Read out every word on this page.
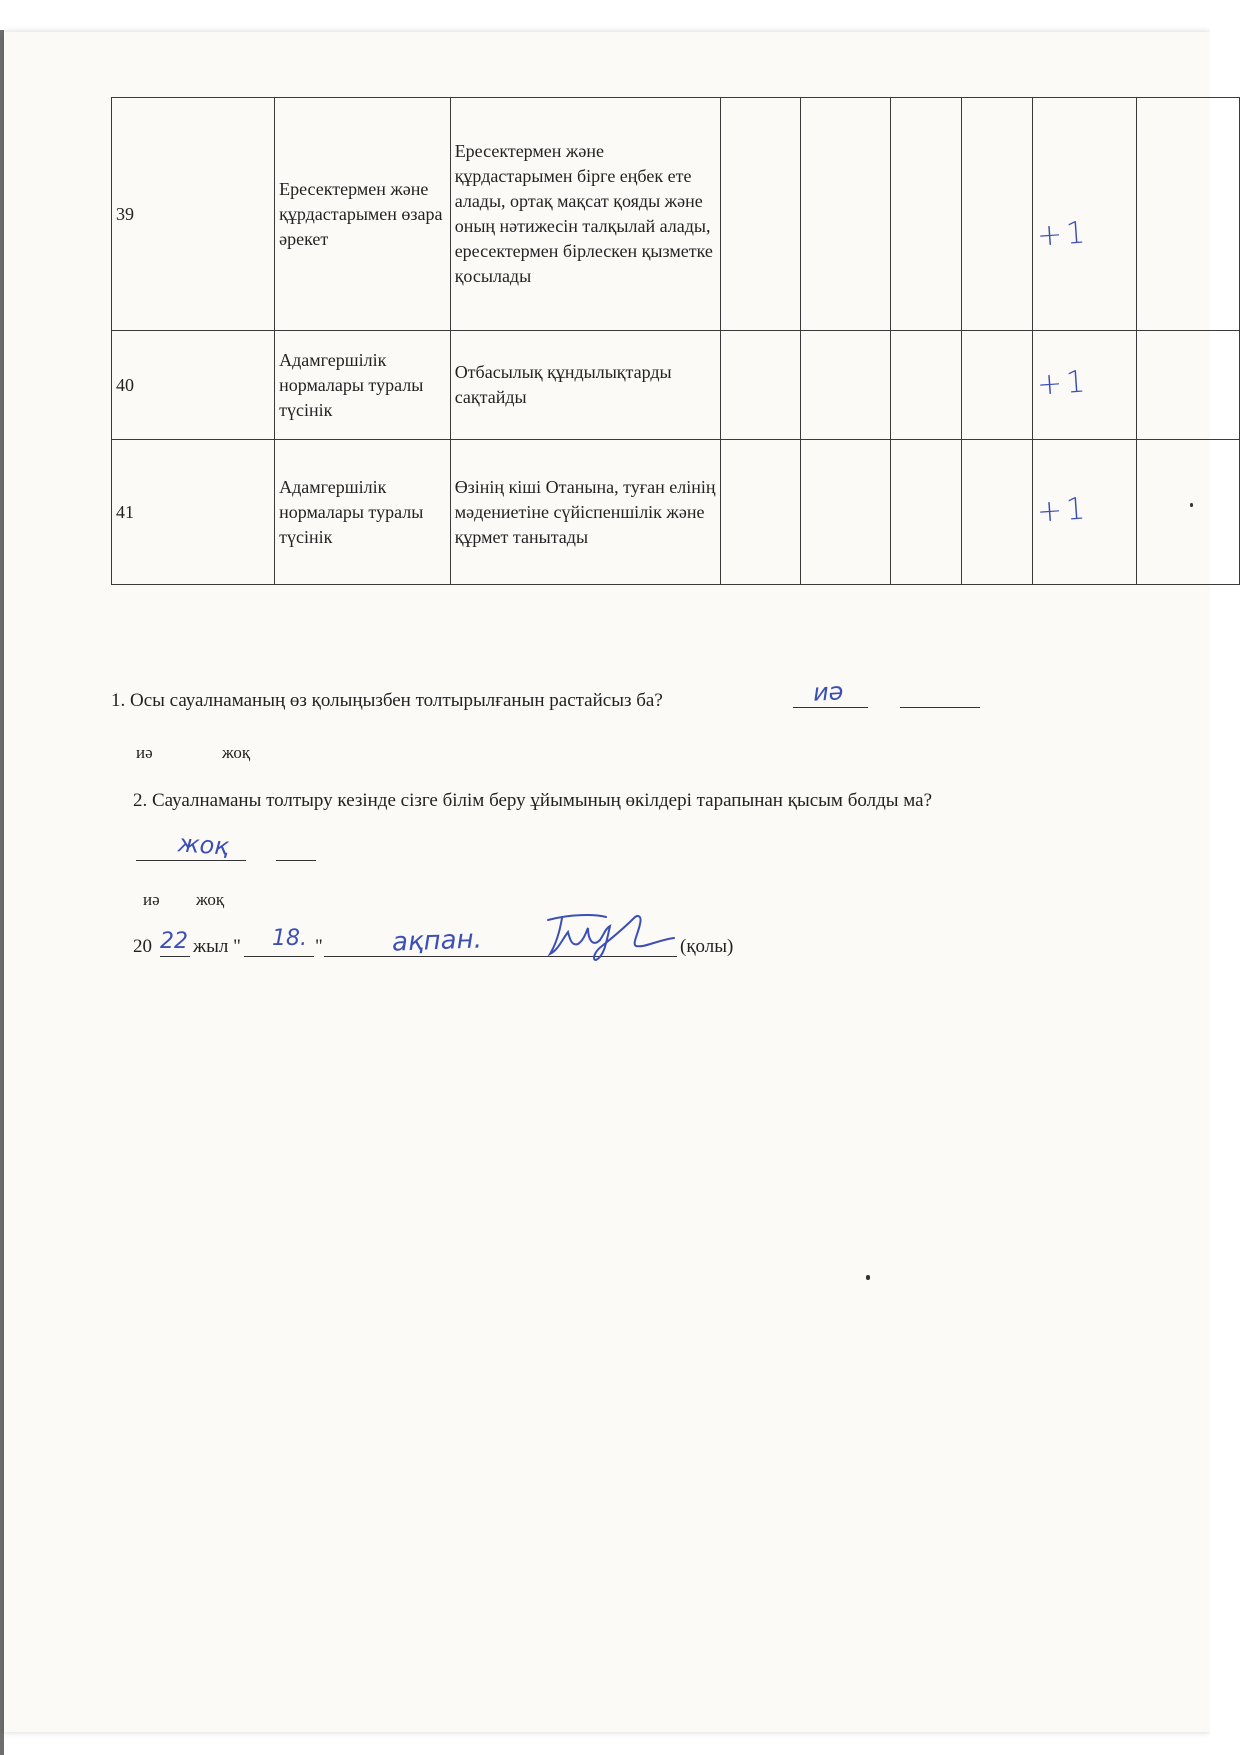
39	Ересектермен және құрдастарымен өзара әрекет	Ересектермен және құрдастарымен бірге еңбек ете алады, ортақ мақсат қояды және оның нәтижесін талқылай алады, ересектермен бірлескен қызметке қосылады					+1	
40	Адамгершілік нормалары туралы түсінік	Отбасылық құндылықтарды сақтайды					+1	
41	Адамгершілік нормалары туралы түсінік	Өзінің кіші Отанына, туған елінің мәдениетіне сүйіспеншілік және құрмет танытады					+1	
1. Осы сауалнаманың өз қолыңызбен толтырылғанын растайсыз ба?	иә
иә	жоқ
2. Сауалнаманы толтыру кезінде сізге білім беру ұйымының өкілдері тарапынан қысым болды ма?
жоқ
иә жоқ
20 22 жыл " 18. "	ақпан.	(қолы)
